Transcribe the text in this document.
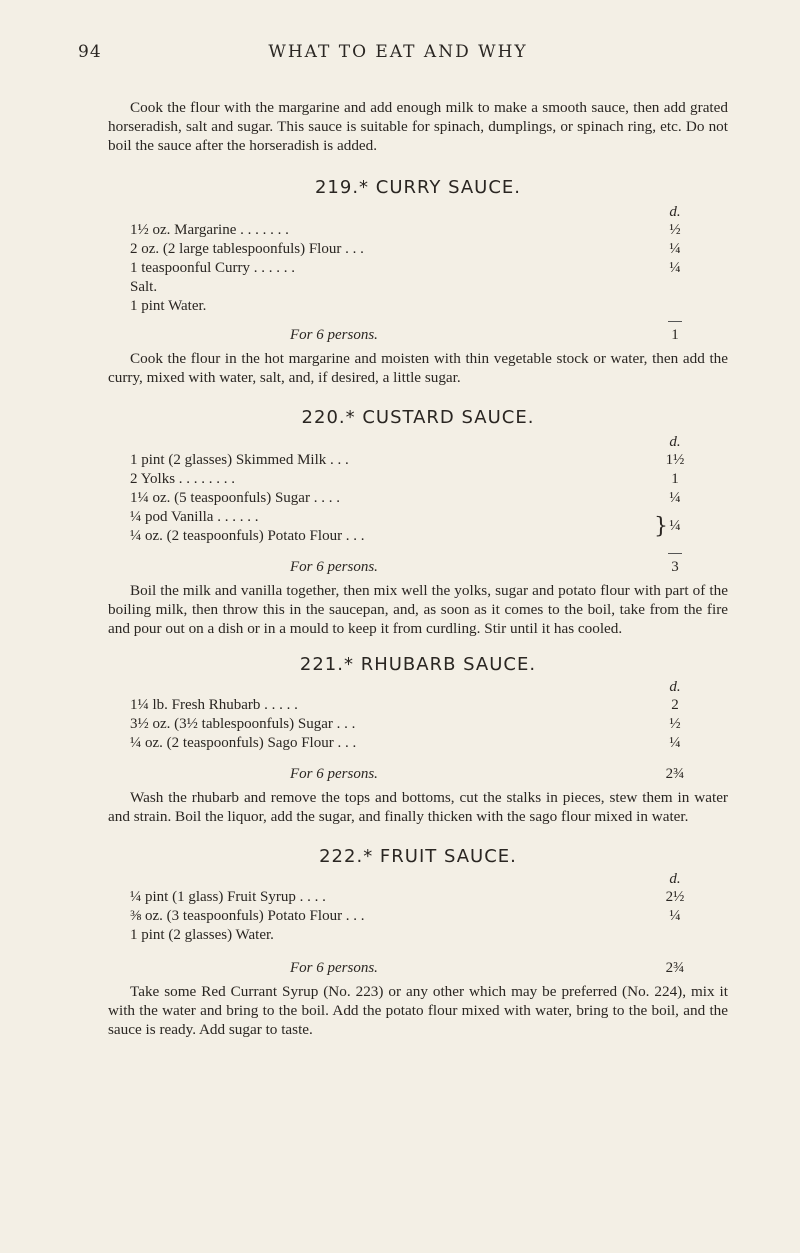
94	WHAT TO EAT AND WHY

Cook the flour with the margarine and add enough milk to make a smooth sauce, then add grated horseradish, salt and sugar. This sauce is suitable for spinach, dumplings, or spinach ring, etc. Do not boil the sauce after the horseradish is added.

219.* CURRY SAUCE.
d.
1½ oz. Margarine . . . . . . .	½
2 oz. (2 large tablespoonfuls) Flour . . .	¼
1 teaspoonful Curry . . . . . .	¼
Salt.
1 pint Water.
For 6 persons.	1

Cook the flour in the hot margarine and moisten with thin vegetable stock or water, then add the curry, mixed with water, salt, and, if desired, a little sugar.

220.* CUSTARD SAUCE.
d.
1 pint (2 glasses) Skimmed Milk . . .	1½
2 Yolks . . . . . . . .	1
1¼ oz. (5 teaspoonfuls) Sugar . . . .	¼
¼ pod Vanilla . . . . . .
¼ oz. (2 teaspoonfuls) Potato Flour . . .	} ¼
For 6 persons.	3

Boil the milk and vanilla together, then mix well the yolks, sugar and potato flour with part of the boiling milk, then throw this in the saucepan, and, as soon as it comes to the boil, take from the fire and pour out on a dish or in a mould to keep it from curdling. Stir until it has cooled.

221.* RHUBARB SAUCE.
d.
1¼ lb. Fresh Rhubarb . . . . .	2
3½ oz. (3½ tablespoonfuls) Sugar . . .	½
¼ oz. (2 teaspoonfuls) Sago Flour . . .	¼
For 6 persons.	2¾

Wash the rhubarb and remove the tops and bottoms, cut the stalks in pieces, stew them in water and strain. Boil the liquor, add the sugar, and finally thicken with the sago flour mixed in water.

222.* FRUIT SAUCE.
d.
¼ pint (1 glass) Fruit Syrup . . . .	2½
⅜ oz. (3 teaspoonfuls) Potato Flour . . .	¼
1 pint (2 glasses) Water.
For 6 persons.	2¾

Take some Red Currant Syrup (No. 223) or any other which may be preferred (No. 224), mix it with the water and bring to the boil. Add the potato flour mixed with water, bring to the boil, and the sauce is ready. Add sugar to taste.
